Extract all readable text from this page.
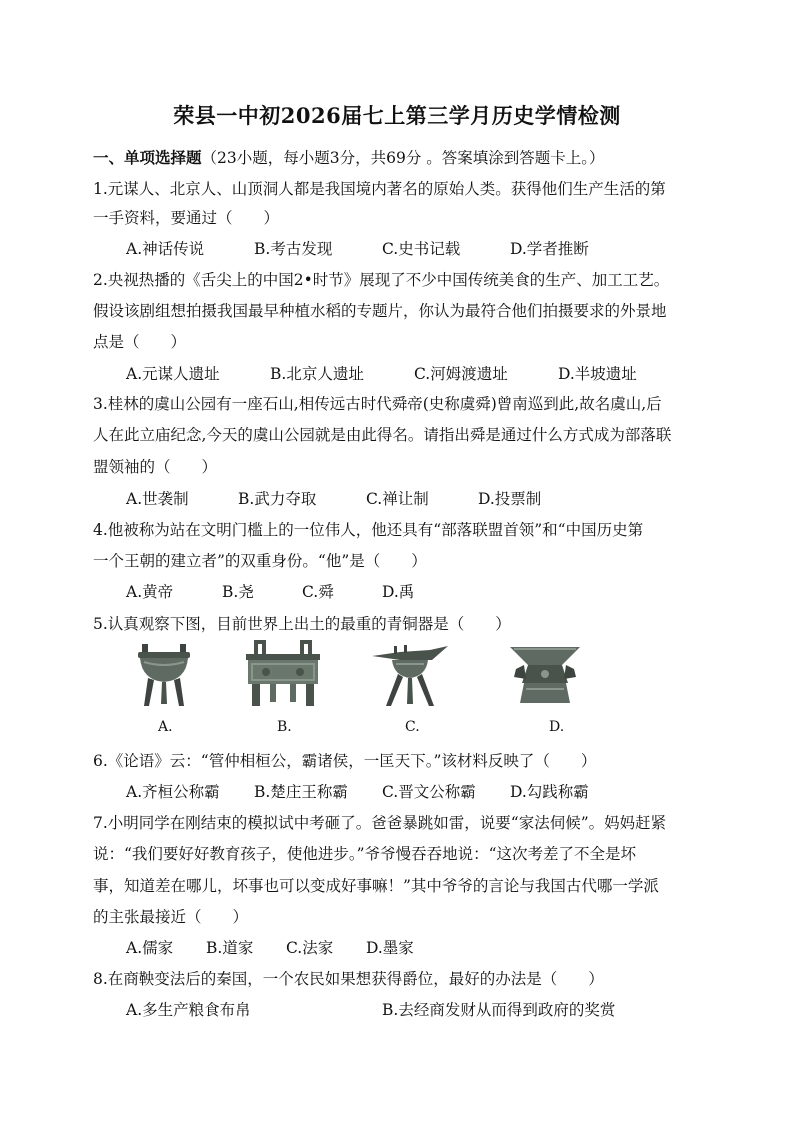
荣县一中初2026届七上第三学月历史学情检测
一、单项选择题（23小题，每小题3分，共69分 。答案填涂到答题卡上。）
1.元谋人、北京人、山顶洞人都是我国境内著名的原始人类。获得他们生产生活的第
一手资料，要通过（　　）
A.神话传说	B.考古发现	C.史书记载	D.学者推断
2.央视热播的《舌尖上的中国2•时节》展现了不少中国传统美食的生产、加工工艺。
假设该剧组想拍摄我国最早种植水稻的专题片，你认为最符合他们拍摄要求的外景地
点是（　　）
A.元谋人遗址	B.北京人遗址	C.河姆渡遗址	D.半坡遗址
3.桂林的虞山公园有一座石山,相传远古时代舜帝(史称虞舜)曾南巡到此,故名虞山,后
人在此立庙纪念,今天的虞山公园就是由此得名。请指出舜是通过什么方式成为部落联
盟领袖的（　　）
A.世袭制	B.武力夺取	C.禅让制	D.投票制
4.他被称为站在文明门槛上的一位伟人，他还具有“部落联盟首领”和“中国历史第
一个王朝的建立者”的双重身份。“他”是（　　）
A.黄帝	B.尧	C.舜	D.禹
5.认真观察下图，目前世界上出土的最重的青铜器是（　　）
A.	B.	C.	D.
6.《论语》云：“管仲相桓公，霸诸侯，一匡天下。”该材料反映了（　　）
A.齐桓公称霸 B.楚庄王称霸 C.晋文公称霸 D.勾践称霸
7.小明同学在刚结束的模拟试中考砸了。爸爸暴跳如雷，说要“家法伺候”。妈妈赶紧
说：“我们要好好教育孩子，使他进步。”爷爷慢吞吞地说：“这次考差了不全是坏
事，知道差在哪儿，坏事也可以变成好事嘛！”其中爷爷的言论与我国古代哪一学派
的主张最接近（　　）
A.儒家 B.道家 C.法家 D.墨家
8.在商鞅变法后的秦国，一个农民如果想获得爵位，最好的办法是（　　）
A.多生产粮食布帛	B.去经商发财从而得到政府的奖赏
